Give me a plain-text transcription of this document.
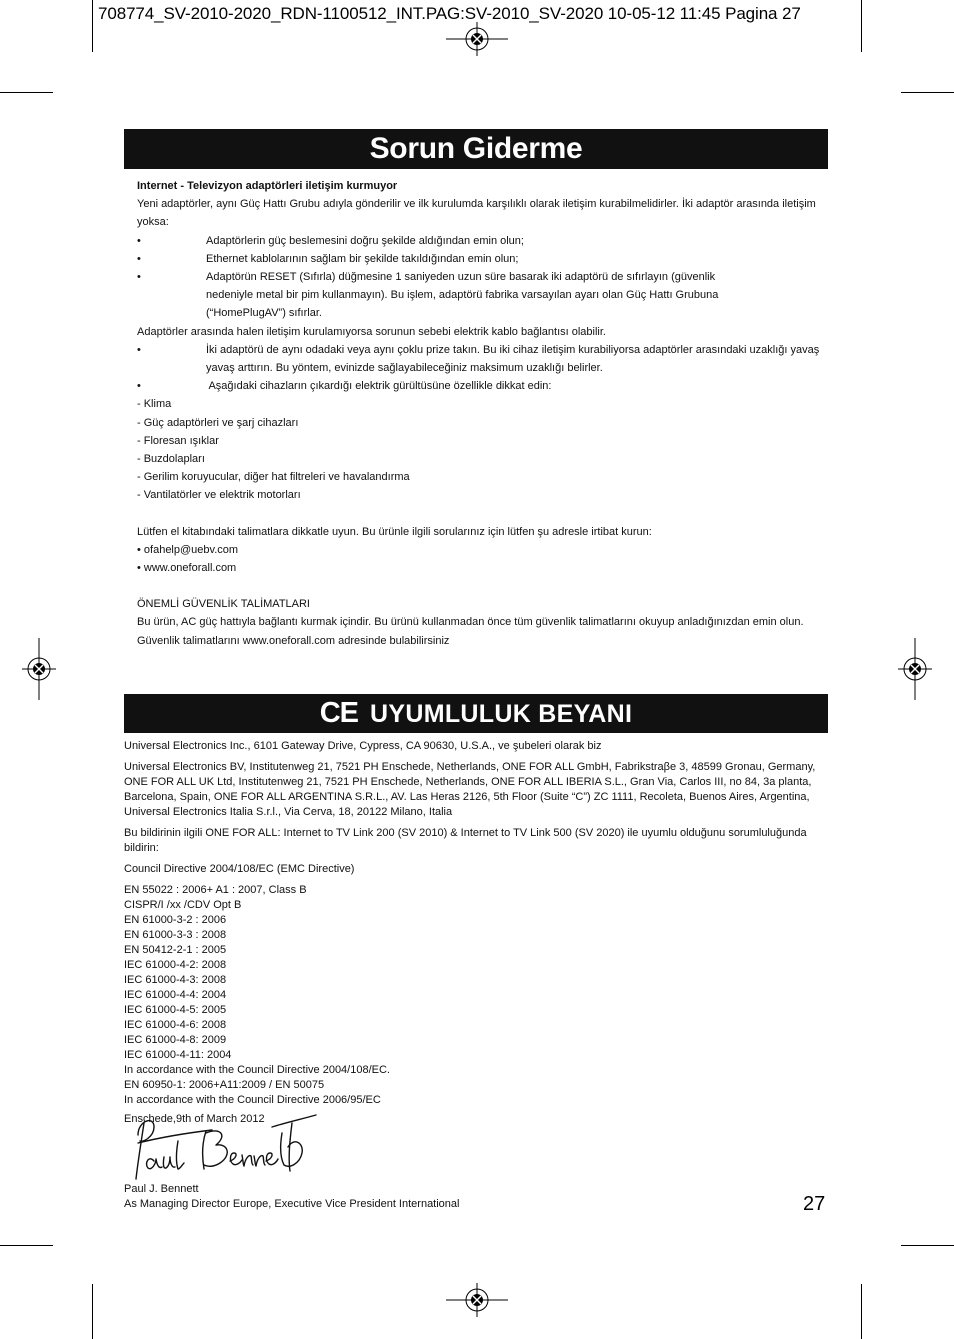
708774_SV-2010-2020_RDN-1100512_INT.PAG:SV-2010_SV-2020 10-05-12 11:45 Pagina 27
Sorun Giderme

Internet - Televizyon adaptörleri iletişim kurmuyor

Yeni adaptörler, aynı Güç Hattı Grubu adıyla gönderilir ve ilk kurulumda karşılıklı olarak iletişim kurabilmelidirler. İki adaptör arasında iletişim yoksa:

•	Adaptörlerin güç beslemesini doğru şekilde aldığından emin olun;
•	Ethernet kablolarının sağlam bir şekilde takıldığından emin olun;
•	Adaptörün RESET (Sıfırla) düğmesine 1 saniyeden uzun süre basarak iki adaptörü de sıfırlayın (güvenlik nedeniyle metal bir pim kullanmayın). Bu işlem, adaptörü fabrika varsayılan ayarı olan Güç Hattı Grubuna (“HomePlugAV”) sıfırlar.

Adaptörler arasında halen iletişim kurulamıyorsa sorunun sebebi elektrik kablo bağlantısı olabilir.

•	İki adaptörü de aynı odadaki veya aynı çoklu prize takın. Bu iki cihaz iletişim kurabiliyorsa adaptörler arasındaki uzaklığı yavaş yavaş arttırın. Bu yöntem, evinizde sağlayabileceğiniz maksimum uzaklığı belirler.
•	Aşağıdaki cihazların çıkardığı elektrik gürültüsüne özellikle dikkat edin:

- Klima

- Güç adaptörleri ve şarj cihazları

- Floresan ışıklar

- Buzdolapları

- Gerilim koruyucular, diğer hat filtreleri ve havalandırma

- Vantilatörler ve elektrik motorları

Lütfen el kitabındaki talimatlara dikkatle uyun. Bu ürünle ilgili sorularınız için lütfen şu adresle irtibat kurun:

• ofahelp@uebv.com

• www.oneforall.com

ÖNEMLİ GÜVENLİK TALİMATLARI

Bu ürün, AC güç hattıyla bağlantı kurmak içindir. Bu ürünü kullanmadan önce tüm güvenlik talimatlarını okuyup anladığınızdan emin olun. Güvenlik talimatlarını www.oneforall.com adresinde bulabilirsiniz

CE UYUMLULUK BEYANI

Universal Electronics Inc., 6101 Gateway Drive, Cypress, CA 90630, U.S.A., ve şubeleri olarak biz

Universal Electronics BV, Institutenweg 21, 7521 PH Enschede, Netherlands, ONE FOR ALL GmbH, Fabrikstraβe 3, 48599 Gronau, Germany, ONE FOR ALL UK Ltd, Institutenweg 21, 7521 PH Enschede, Netherlands, ONE FOR ALL IBERIA S.L., Gran Via, Carlos III, no 84, 3a planta, Barcelona, Spain, ONE FOR ALL ARGENTINA S.R.L., AV. Las Heras 2126, 5th Floor (Suite “C”) ZC 1111, Recoleta, Buenos Aires, Argentina, Universal Electronics Italia S.r.l., Via Cerva, 18, 20122 Milano, Italia

Bu bildirinin ilgili ONE FOR ALL: Internet to TV Link 200 (SV 2010) & Internet to TV Link 500 (SV 2020) ile uyumlu olduğunu sorumluluğunda bildirin:

Council Directive 2004/108/EC (EMC Directive)

EN 55022 : 2006+ A1 : 2007, Class B

CISPR/I /xx /CDV Opt B

EN 61000-3-2 : 2006

EN 61000-3-3 : 2008

EN 50412-2-1 : 2005

IEC 61000-4-2: 2008

IEC 61000-4-3: 2008

IEC 61000-4-4: 2004

IEC 61000-4-5: 2005

IEC 61000-4-6: 2008

IEC 61000-4-8: 2009

IEC 61000-4-11: 2004

In accordance with the Council Directive 2004/108/EC.

EN 60950-1: 2006+A11:2009 / EN 50075

In accordance with the Council Directive 2006/95/EC

Enschede,9th of March 2012

Paul J. Bennett
As Managing Director Europe, Executive Vice President International	27
